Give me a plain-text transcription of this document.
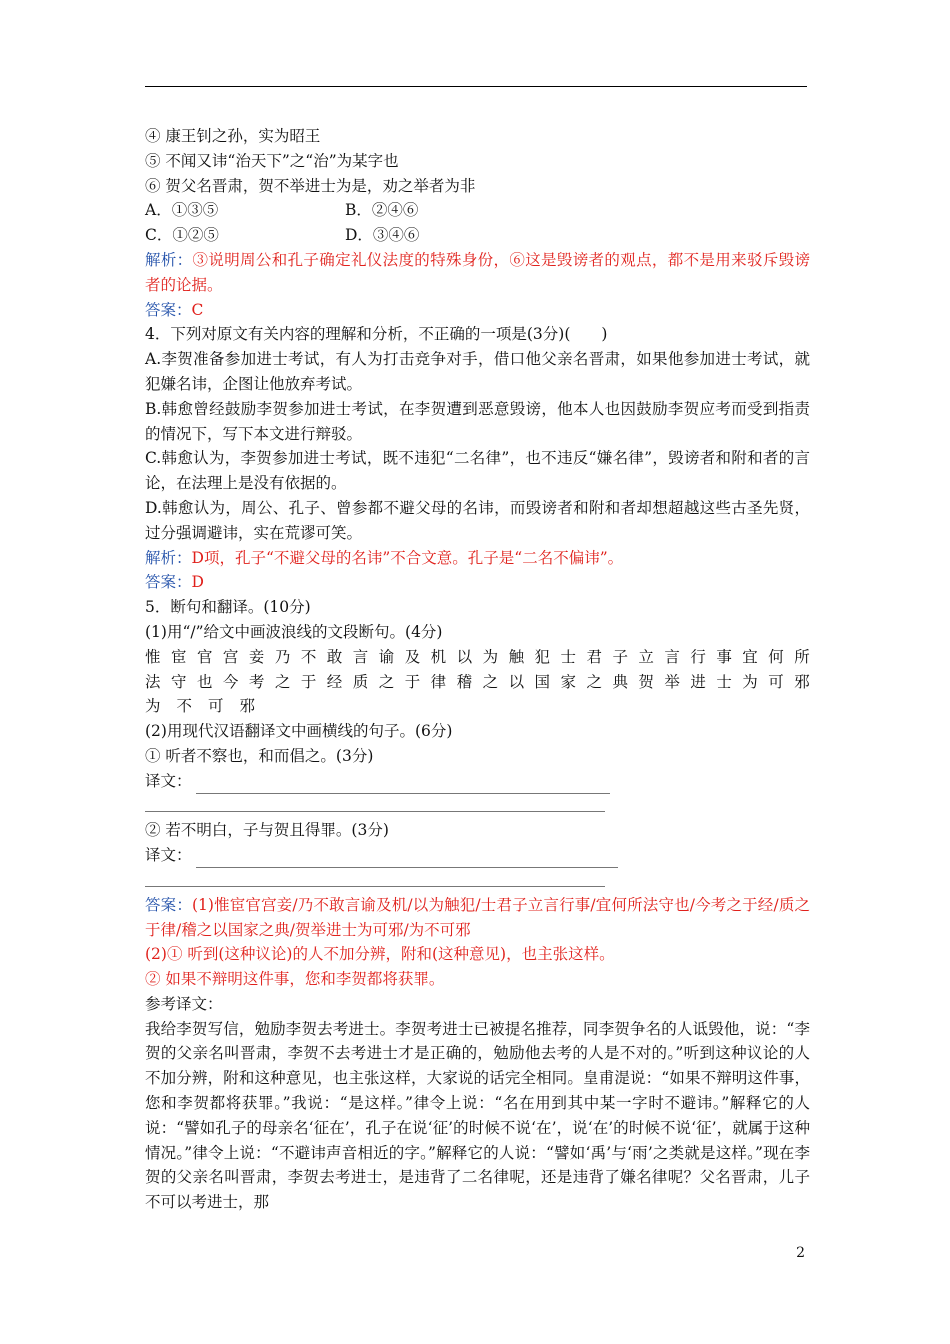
④ 康王钊之孙，实为昭王
⑤ 不闻又讳“治天下”之“治”为某字也
⑥ 贺父名晋肃，贺不举进士为是，劝之举者为非
A．①③⑤	B．②④⑥
C．①②⑤	D．③④⑥
解析：③说明周公和孔子确定礼仪法度的特殊身份，⑥这是毁谤者的观点，都不是用来驳斥毁谤者的论据。
答案：C
4．下列对原文有关内容的理解和分析，不正确的一项是(3分)(　　)
A.李贺准备参加进士考试，有人为打击竞争对手，借口他父亲名晋肃，如果他参加进士考试，就犯嫌名讳，企图让他放弃考试。
B.韩愈曾经鼓励李贺参加进士考试，在李贺遭到恶意毁谤，他本人也因鼓励李贺应考而受到指责的情况下，写下本文进行辩驳。
C.韩愈认为，李贺参加进士考试，既不违犯“二名律”，也不违反“嫌名律”，毁谤者和附和者的言论，在法理上是没有依据的。
D.韩愈认为，周公、孔子、曾参都不避父母的名讳，而毁谤者和附和者却想超越这些古圣先贤，过分强调避讳，实在荒谬可笑。
解析：D项，孔子“不避父母的名讳”不合文意。孔子是“二名不偏讳”。
答案：D
5．断句和翻译。(10分)
(1)用“/”给文中画波浪线的文段断句。(4分)
惟 宦 官 宫 妾 乃 不 敢 言 谕 及 机 以 为 触 犯 士 君 子 立 言 行 事 宜 何 所
法 守 也 今 考 之 于 经 质 之 于 律 稽 之 以 国 家 之 典 贺 举 进 士 为 可 邪
为 不 可 邪
(2)用现代汉语翻译文中画横线的句子。(6分)
① 听者不察也，和而倡之。(3分)
译文：
② 若不明白，子与贺且得罪。(3分)
译文：
答案：(1)惟宦官宫妾/乃不敢言谕及机/以为触犯/士君子立言行事/宜何所法守也/今考之于经/质之于律/稽之以国家之典/贺举进士为可邪/为不可邪
(2)① 听到(这种议论)的人不加分辨，附和(这种意见)，也主张这样。
② 如果不辩明这件事，您和李贺都将获罪。
参考译文：
我给李贺写信，勉励李贺去考进士。李贺考进士已被提名推荐，同李贺争名的人诋毁他，说：“李贺的父亲名叫晋肃，李贺不去考进士才是正确的，勉励他去考的人是不对的。”听到这种议论的人不加分辨，附和这种意见，也主张这样，大家说的话完全相同。皇甫湜说：“如果不辩明这件事，您和李贺都将获罪。”我说：“是这样。”律令上说：“名在用到其中某一字时不避讳。”解释它的人说：“譬如孔子的母亲名‘征在’，孔子在说‘征’的时候不说‘在’，说‘在’的时候不说‘征’，就属于这种情况。”律令上说：“不避讳声音相近的字。”解释它的人说：“譬如‘禹’与‘雨’之类就是这样。”现在李贺的父亲名叫晋肃，李贺去考进士，是违背了二名律呢，还是违背了嫌名律呢？父名晋肃，儿子不可以考进士，那
2
